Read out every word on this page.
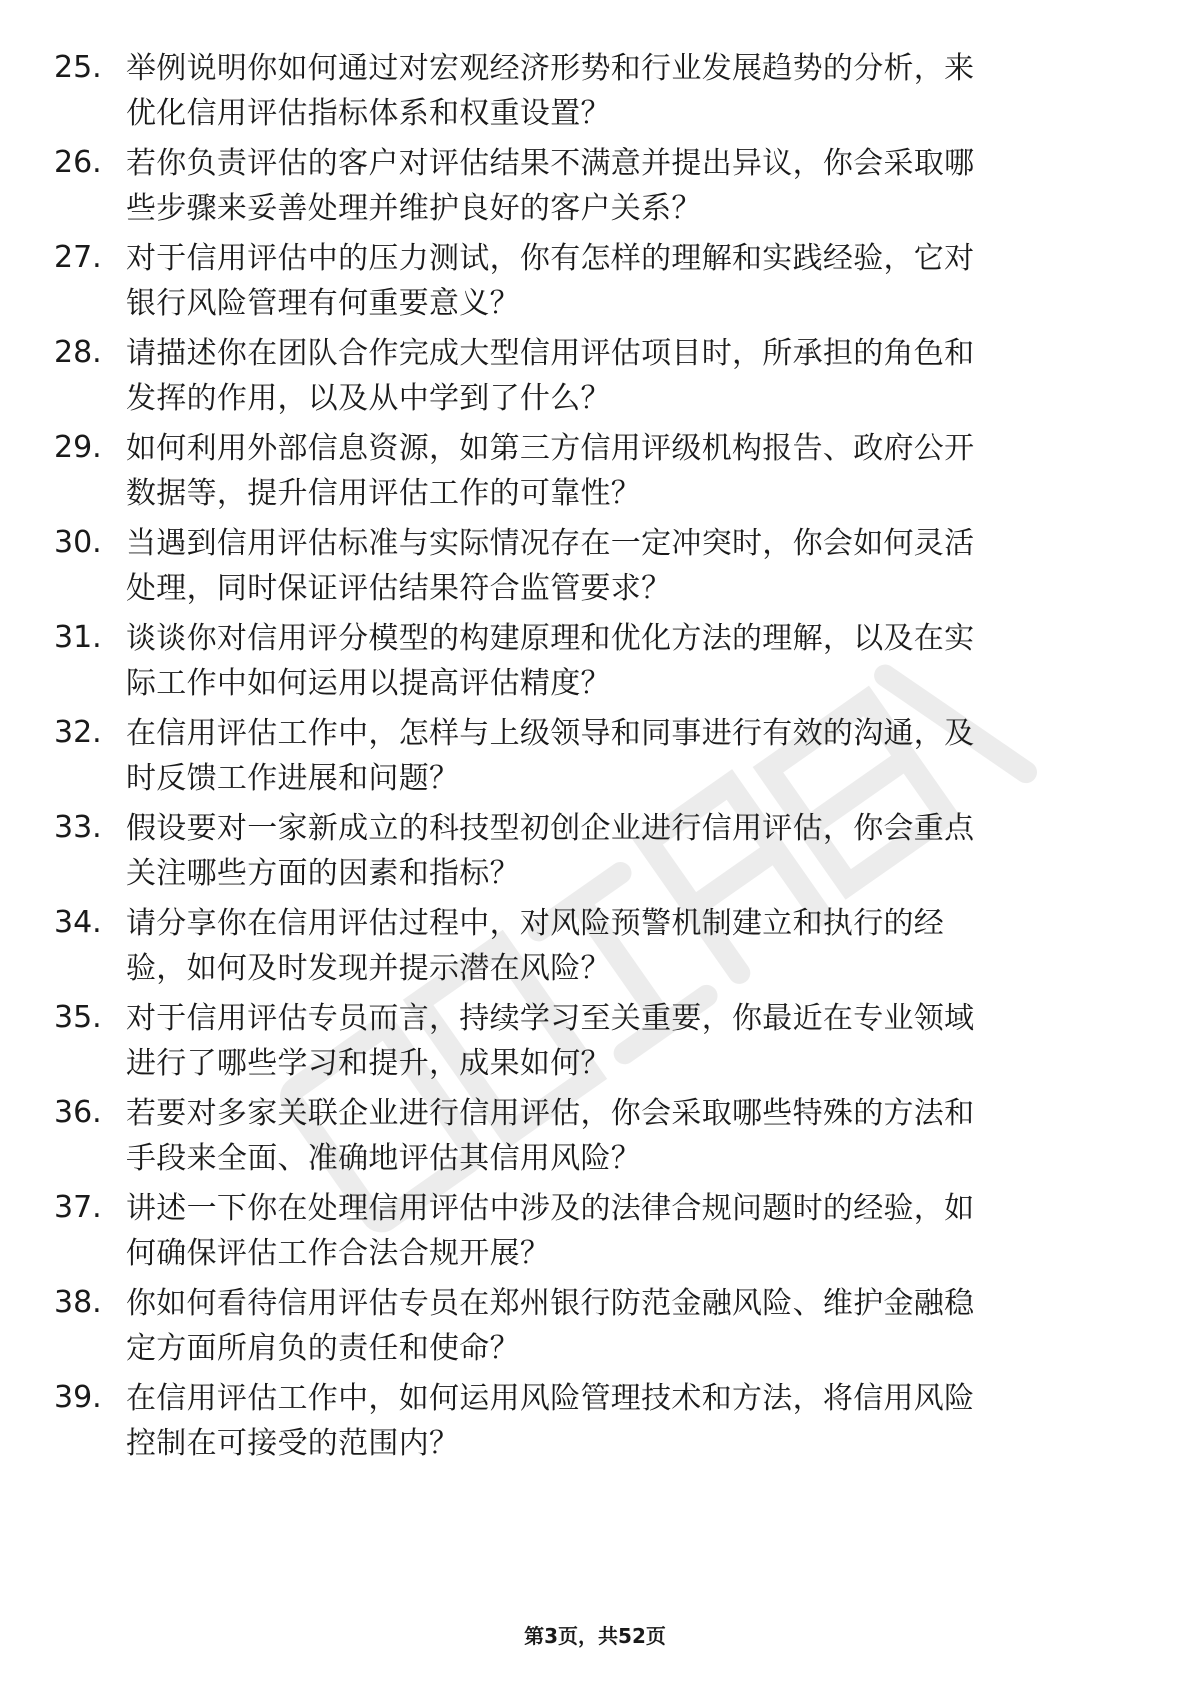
25. 举例说明你如何通过对宏观经济形势和行业发展趋势的分析，来
优化信用评估指标体系和权重设置？
26. 若你负责评估的客户对评估结果不满意并提出异议，你会采取哪
些步骤来妥善处理并维护良好的客户关系？
27. 对于信用评估中的压力测试，你有怎样的理解和实践经验，它对
银行风险管理有何重要意义？
28. 请描述你在团队合作完成大型信用评估项目时，所承担的角色和
发挥的作用，以及从中学到了什么？
29. 如何利用外部信息资源，如第三方信用评级机构报告、政府公开
数据等，提升信用评估工作的可靠性？
30. 当遇到信用评估标准与实际情况存在一定冲突时，你会如何灵活
处理，同时保证评估结果符合监管要求？
31. 谈谈你对信用评分模型的构建原理和优化方法的理解，以及在实
际工作中如何运用以提高评估精度？
32. 在信用评估工作中，怎样与上级领导和同事进行有效的沟通，及
时反馈工作进展和问题？
33. 假设要对一家新成立的科技型初创企业进行信用评估，你会重点
关注哪些方面的因素和指标？
34. 请分享你在信用评估过程中，对风险预警机制建立和执行的经
验，如何及时发现并提示潜在风险？
35. 对于信用评估专员而言，持续学习至关重要，你最近在专业领域
进行了哪些学习和提升，成果如何？
36. 若要对多家关联企业进行信用评估，你会采取哪些特殊的方法和
手段来全面、准确地评估其信用风险？
37. 讲述一下你在处理信用评估中涉及的法律合规问题时的经验，如
何确保评估工作合法合规开展？
38. 你如何看待信用评估专员在郑州银行防范金融风险、维护金融稳
定方面所肩负的责任和使命？
39. 在信用评估工作中，如何运用风险管理技术和方法，将信用风险
控制在可接受的范围内？
第3页，共52页
